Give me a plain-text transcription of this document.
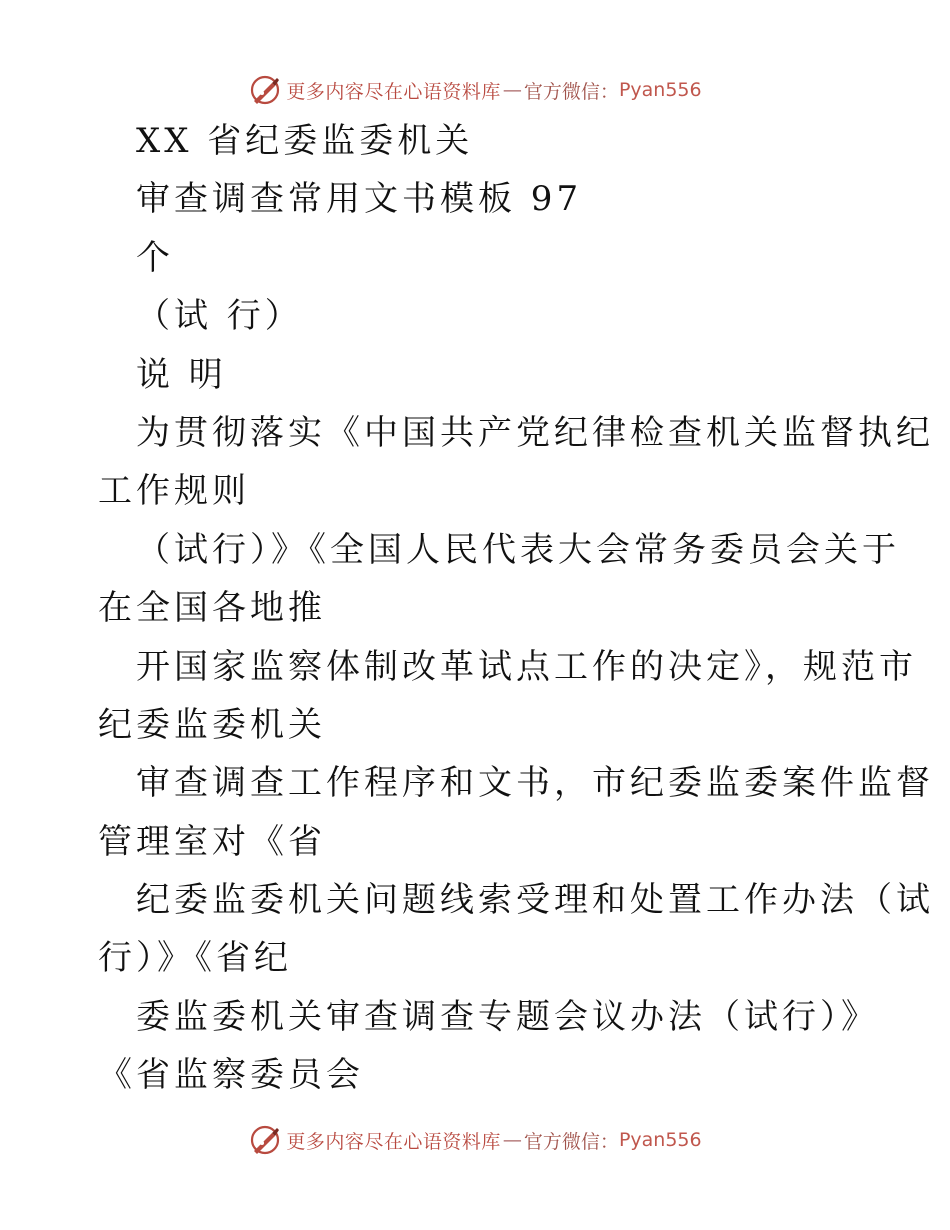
更多内容尽在心语资料库 — 官方微信： Pyan556
XX 省纪委监委机关
审查调查常用文书模板 97
个
（试 行）
说 明
为贯彻落实《中国共产党纪律检查机关监督执纪
工作规则
（试行）》《全国人民代表大会常务委员会关于
在全国各地推
开国家监察体制改革试点工作的决定》，规范市
纪委监委机关
审查调查工作程序和文书，市纪委监委案件监督
管理室对《省
纪委监委机关问题线索受理和处置工作办法（试
行）》《省纪
委监委机关审查调查专题会议办法（试行）》
《省监察委员会
更多内容尽在心语资料库 — 官方微信： Pyan556
